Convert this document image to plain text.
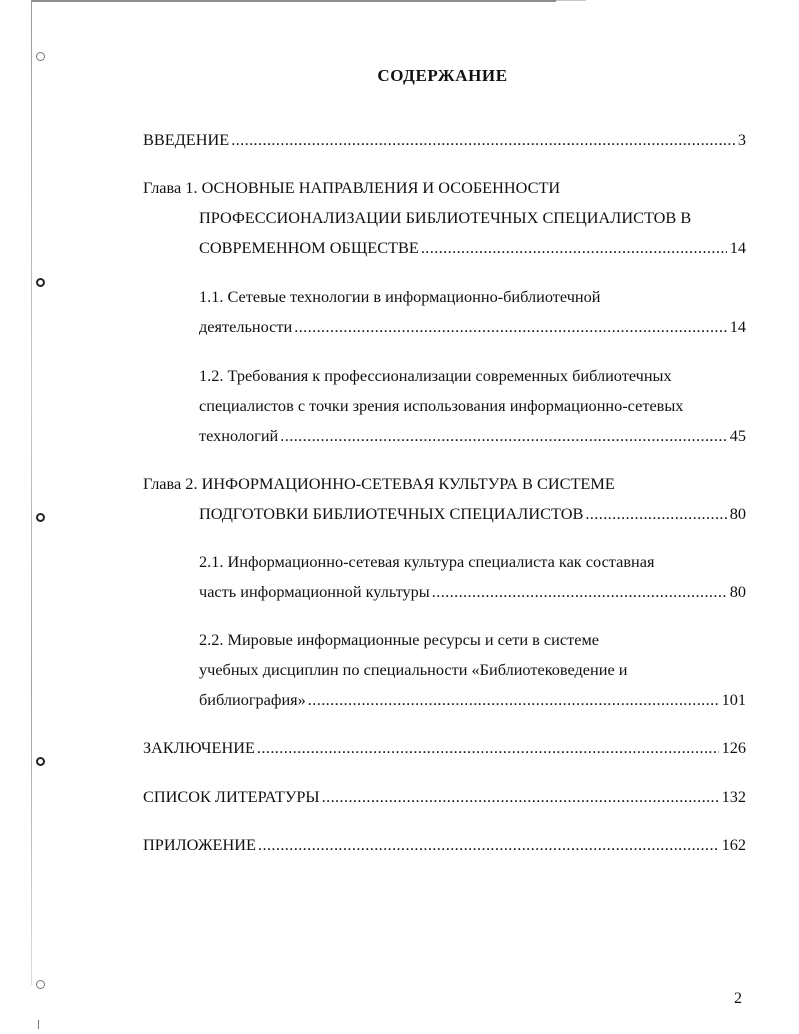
СОДЕРЖАНИЕ
ВВЕДЕНИЕ .....	3
Глава 1. ОСНОВНЫЕ НАПРАВЛЕНИЯ И ОСОБЕННОСТИ
ПРОФЕССИОНАЛИЗАЦИИ БИБЛИОТЕЧНЫХ СПЕЦИАЛИСТОВ В
СОВРЕМЕННОМ ОБЩЕСТВЕ .....	14
1.1. Сетевые технологии в информационно-библиотечной
деятельности .....	14
1.2. Требования к профессионализации современных библиотечных
специалистов с точки зрения использования информационно-сетевых
технологий .....	45
Глава 2. ИНФОРМАЦИОННО-СЕТЕВАЯ КУЛЬТУРА В СИСТЕМЕ
ПОДГОТОВКИ БИБЛИОТЕЧНЫХ СПЕЦИАЛИСТОВ .....	80
2.1. Информационно-сетевая культура специалиста как составная
часть информационной культуры .....	80
2.2. Мировые информационные ресурсы и сети в системе
учебных дисциплин по специальности «Библиотековедение и
библиография» .....	101
ЗАКЛЮЧЕНИЕ .....	126
СПИСОК ЛИТЕРАТУРЫ .....	132
ПРИЛОЖЕНИЕ .....	162
2
